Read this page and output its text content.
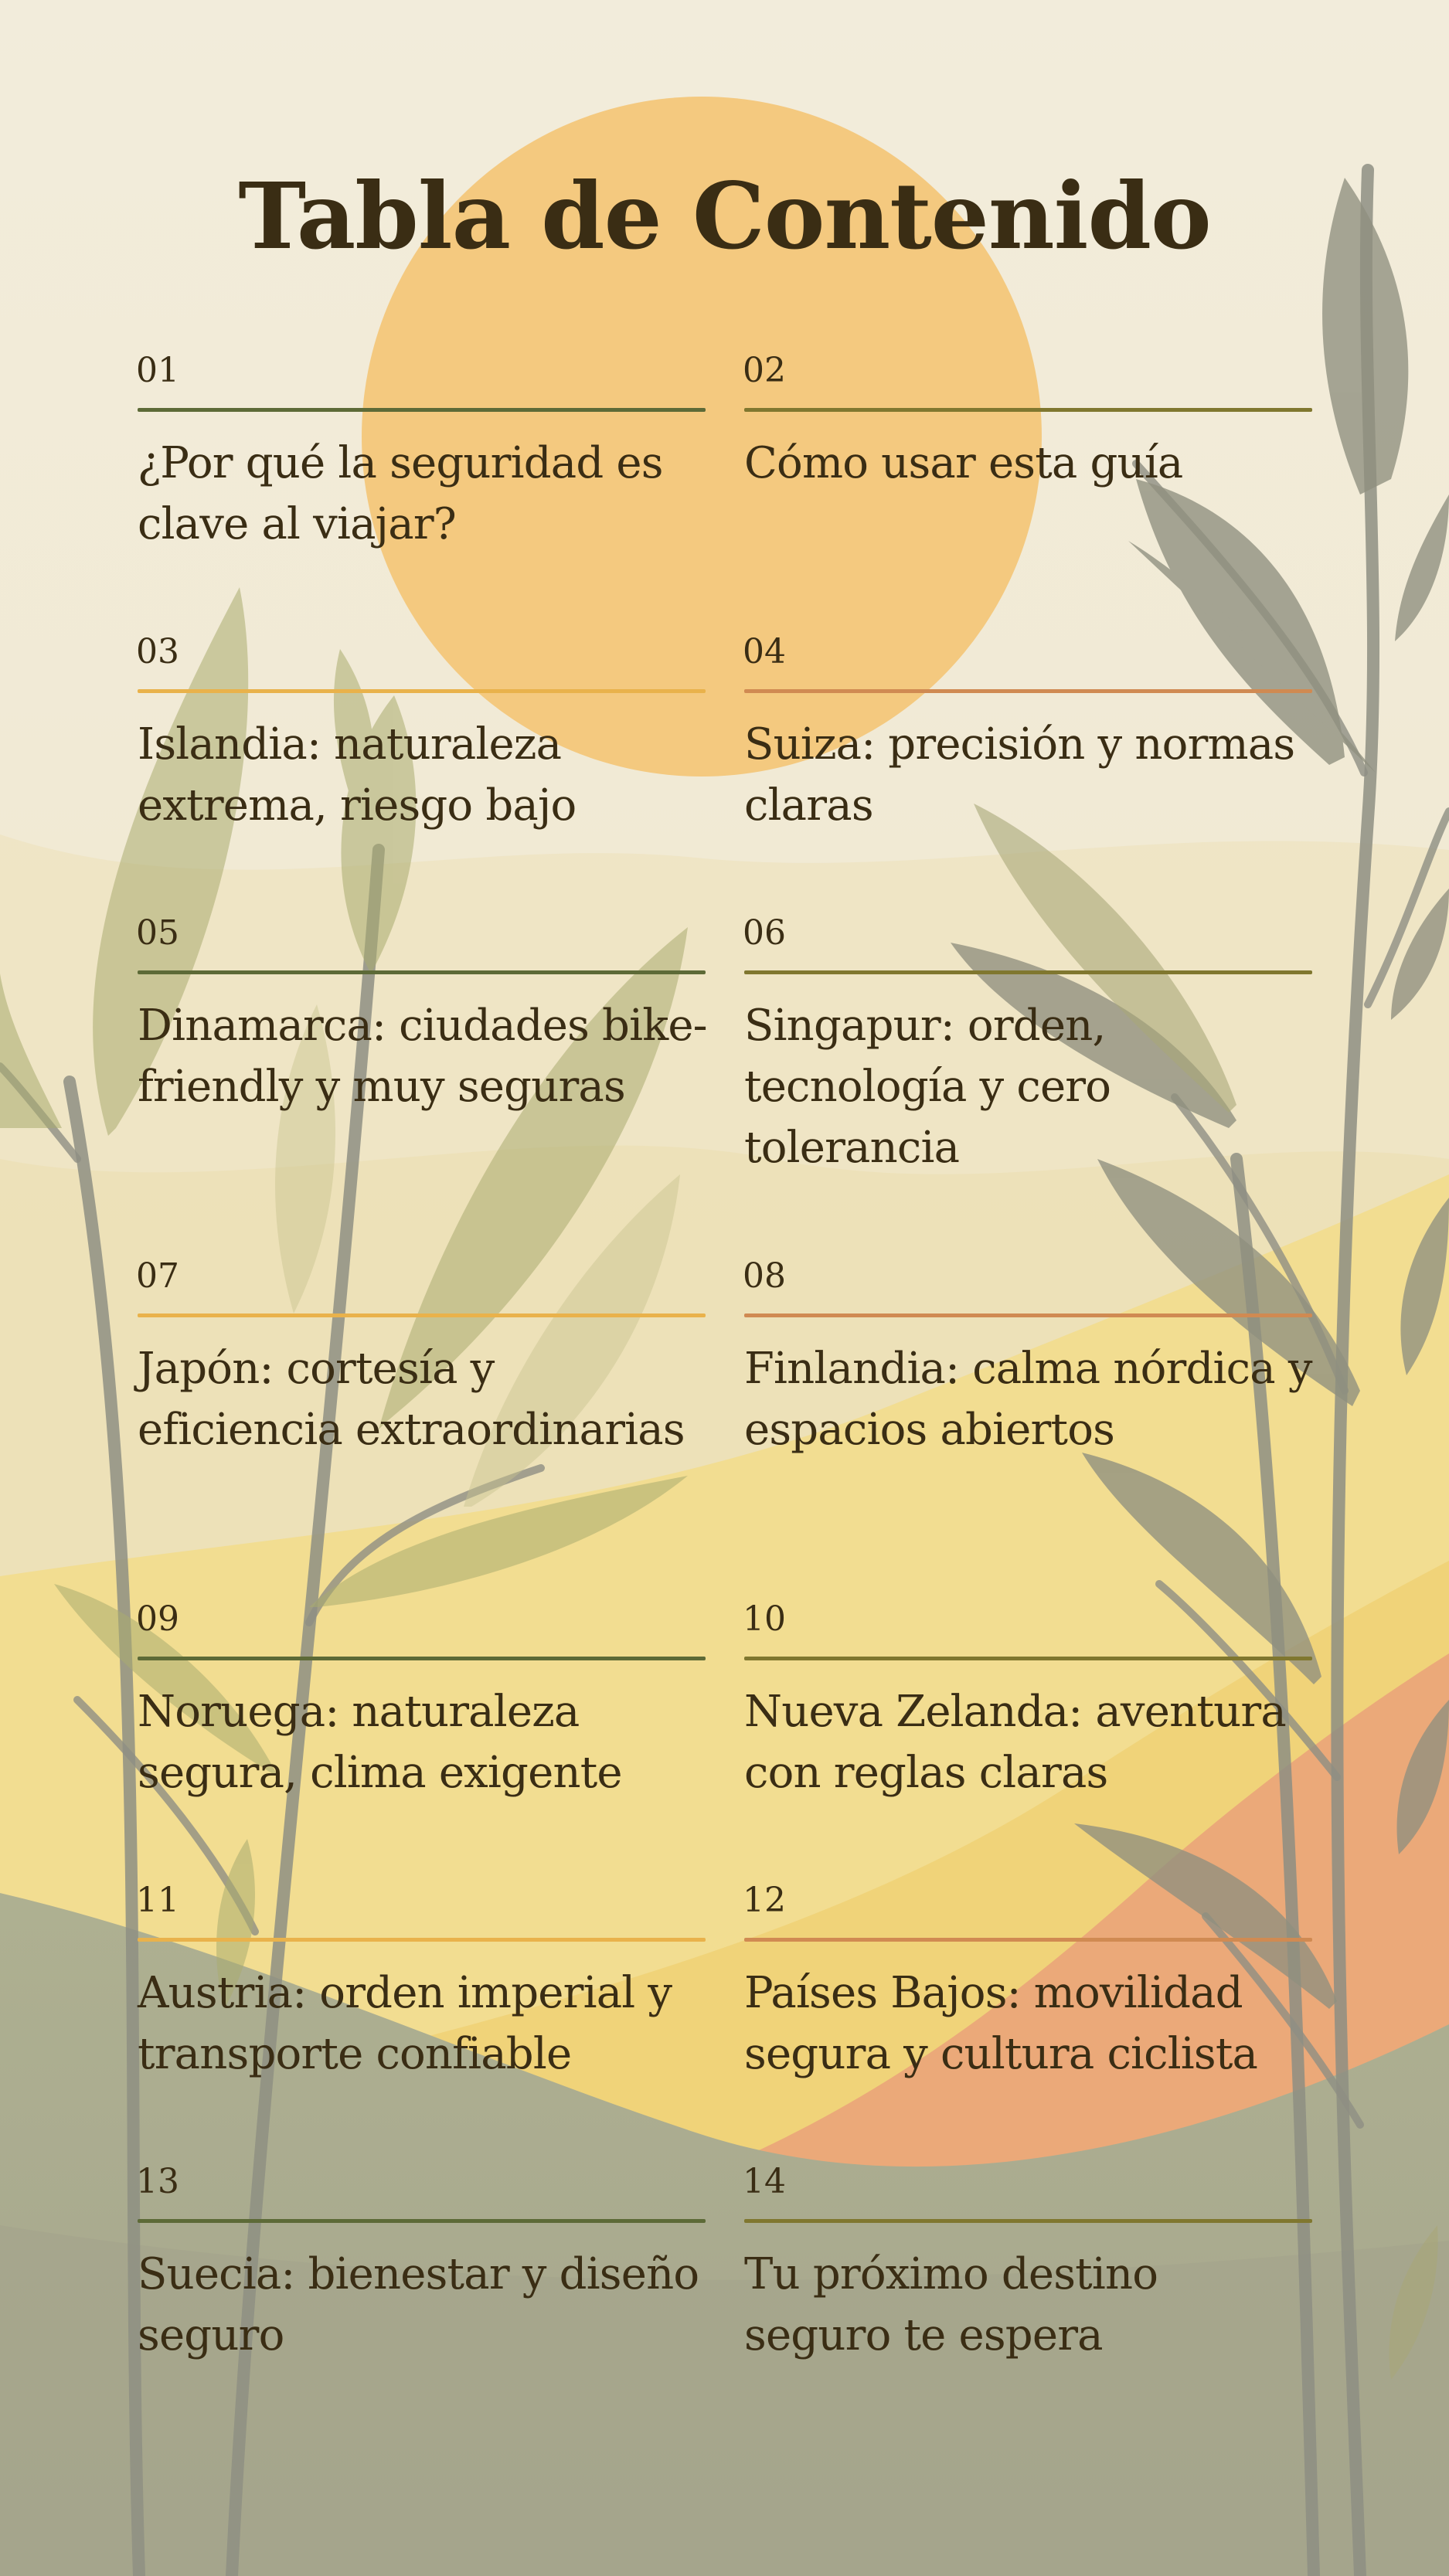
Tabla de Contenido
01
¿Por qué la seguridad es clave al viajar?
02
Cómo usar esta guía
03
Islandia: naturaleza extrema, riesgo bajo
04
Suiza: precisión y normas claras
05
Dinamarca: ciudades bike-friendly y muy seguras
06
Singapur: orden, tecnología y cero tolerancia
07
Japón: cortesía y eficiencia extraordinarias
08
Finlandia: calma nórdica y espacios abiertos
09
Noruega: naturaleza segura, clima exigente
10
Nueva Zelanda: aventura con reglas claras
11
Austria: orden imperial y transporte confiable
12
Países Bajos: movilidad segura y cultura ciclista
13
Suecia: bienestar y diseño seguro
14
Tu próximo destino seguro te espera
